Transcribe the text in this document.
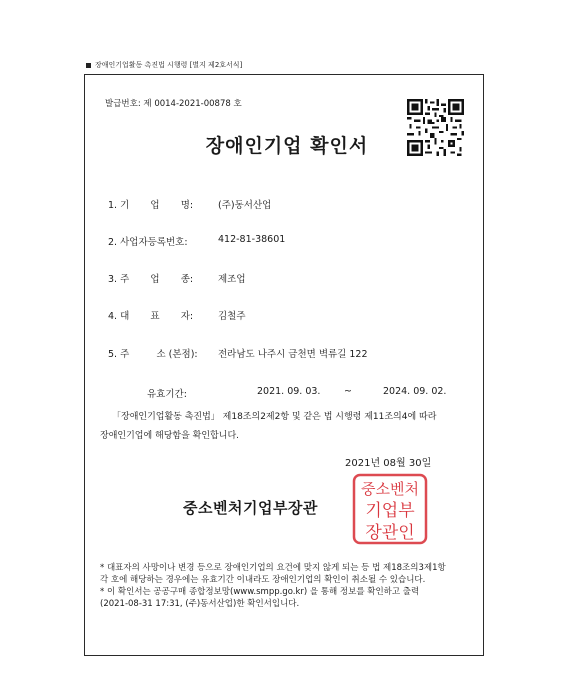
장애인기업활동 촉진법 시행령 [별지 제2호서식]
발급번호: 제 0014-2021-00878 호
장애인기업 확인서
1. 기       업       명:	(주)동서산업
2. 사업자등록번호:	412-81-38601
3. 주       업       종:	제조업
4. 대       표       자:	김철주
5. 주         소 (본점): 전라남도 나주시 금천면 벽류길 122
유효기간:	2021. 09. 03. ~	2024. 09. 02.
「장애인기업활동 촉진법」 제18조의2제2항 및 같은 법 시행령 제11조의4에 따라
장애인기업에 해당함을 확인합니다.
2021년 08월 30일
중소벤처기업부장관
중소벤처
기업부
장관인
* 대표자의 사망이나 변경 등으로 장애인기업의 요건에 맞지 않게 되는 등 법 제18조의3제1항
각 호에 해당하는 경우에는 유효기간 이내라도 장애인기업의 확인이 취소될 수 있습니다.
* 이 확인서는 공공구매 종합정보망(www.smpp.go.kr) 을 통해 정보를 확인하고 출력
(2021-08-31 17:31, (주)동서산업)한 확인서입니다.
